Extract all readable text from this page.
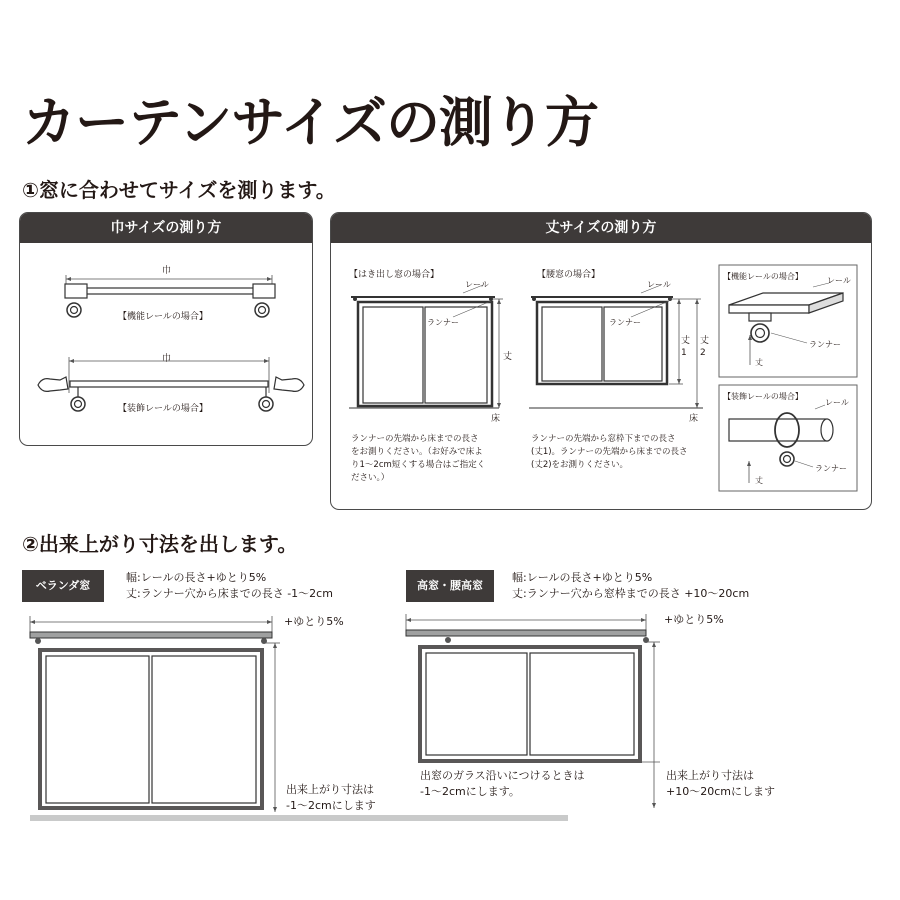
カーテンサイズの測り方
①窓に合わせてサイズを測ります。
②出来上がり寸法を出します。
巾サイズの測り方
巾
【機能レールの場合】
巾
【装飾レールの場合】
丈サイズの測り方
【はき出し窓の場合】
レール
ランナー
丈
床
ランナーの先端から床までの長さ
をお測りください。（お好みで床よ
り1〜2cm短くする場合はご指定く
ださい。）
【腰窓の場合】
レール
ランナー
丈1
丈2
床
ランナーの先端から窓枠下までの長さ
(丈1)。ランナーの先端から床までの長さ
(丈2)をお測りください。
【機能レールの場合】	レール
ランナー
丈
【装飾レールの場合】
レール
ランナー
丈
ベランダ窓
幅:レールの長さ+ゆとり5%
丈:ランナー穴から床までの長さ -1〜2cm
出来上がり寸法は
-1〜2cmにします
+ゆとり5%
高窓・腰高窓
幅:レールの長さ+ゆとり5%
丈:ランナー穴から窓枠までの長さ +10〜20cm
+ゆとり5%
出窓のガラス沿いにつけるときは
-1〜2cmにします。
出来上がり寸法は
+10〜20cmにします
